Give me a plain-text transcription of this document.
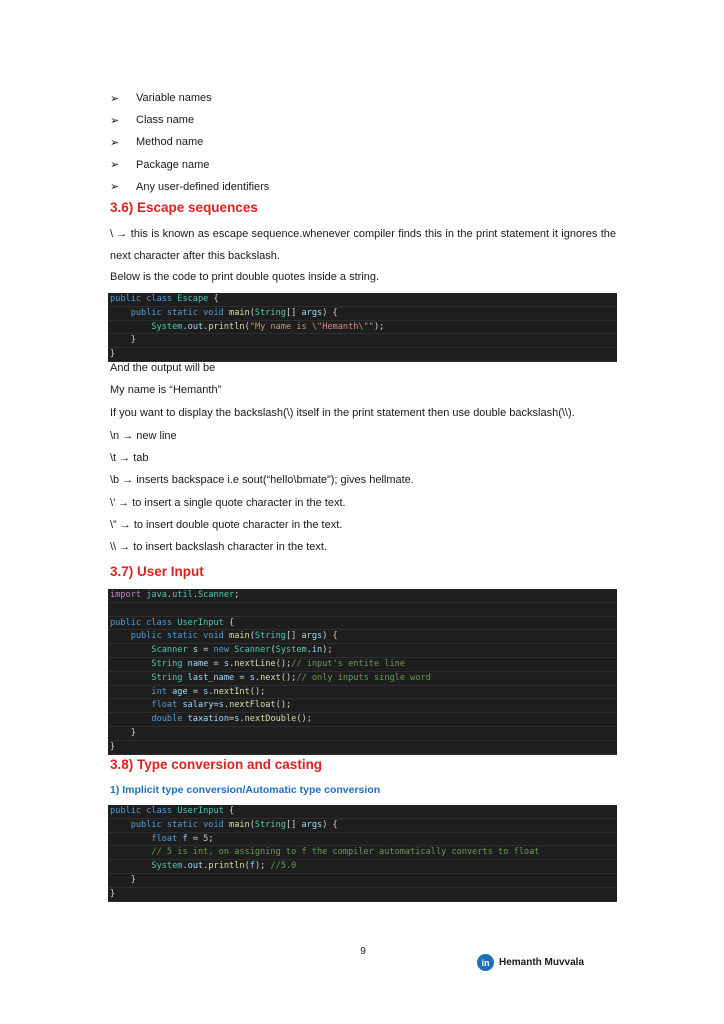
➢	Variable names
➢	Class name
➢	Method name
➢	Package name
➢	Any user-defined identifiers
3.6) Escape sequences
\ → this is known as escape sequence.whenever compiler finds this in the print statement it ignores the next character after this backslash.
Below is the code to print double quotes inside a string.
public class Escape {
public static void main(String[] args) {
System.out.println("My name is \"Hemanth\"");
}
}
And the output will be
My name is “Hemanth”
If you want to display the backslash(\) itself in the print statement then use double backslash(\\).
\n → new line
\t → tab
\b → inserts backspace i.e sout(“hello\bmate”); gives hellmate.
\’ → to insert a single quote character in the text.
\” → to insert double quote character in the text.
\\ → to insert backslash character in the text.
3.7) User Input
import java.util.Scanner;

public class UserInput {
public static void main(String[] args) {
Scanner s = new Scanner(System.in);
String name = s.nextLine();// input's entite line
String last_name = s.next();// only inputs single word
int age = s.nextInt();
float salary=s.nextFloat();
double taxation=s.nextDouble();
}
}
3.8) Type conversion and casting
1) Implicit type conversion/Automatic type conversion
public class UserInput {
public static void main(String[] args) {
float f = 5;
// 5 is int, on assigning to f the compiler automatically converts to float
System.out.println(f); //5.0
}
}
9
in Hemanth Muvvala
